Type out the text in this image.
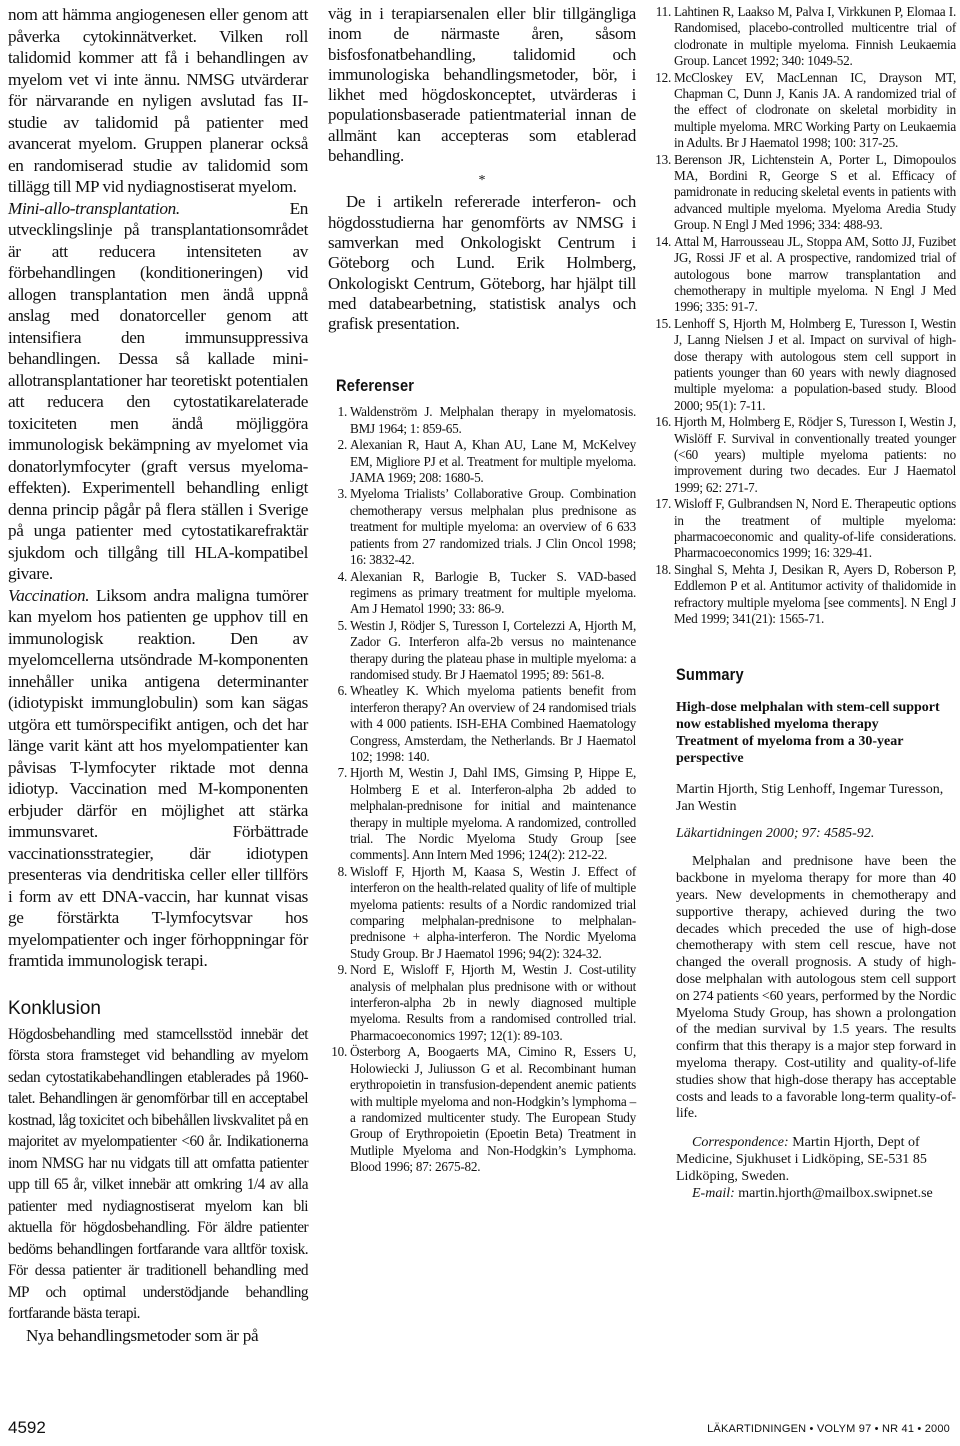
nom att hämma angiogenesen eller genom att påverka cytokinnätverket. Vilken roll talidomid kommer att få i behandlingen av myelom vet vi inte ännu. NMSG utvärderar för närvarande en nyligen avslutad fas II-studie av talidomid på patienter med avancerat myelom. Gruppen planerar också en randomiserad studie av talidomid som tillägg till MP vid nydiagnostiserat myelom.

Mini-allo-transplantation.	En utvecklingslinje på transplantationsområdet är att reducera intensiteten av förbehandlingen (konditioneringen) vid allogen transplantation men ändå uppnå anslag med donatorceller genom att intensifiera den immunsuppressiva behandlingen. Dessa så kallade mini-allotransplantationer har teoretiskt potentialen att reducera den cytostatikarelaterade toxiciteten men ändå möjliggöra immunologisk bekämpning av myelomet via donatorlymfocyter (graft versus myeloma-effekten). Experimentell behandling enligt denna princip pågår på flera ställen i Sverige på unga patienter med cytostatikarefraktär sjukdom och tillgång till HLA-kompatibel givare.

Vaccination. Liksom andra maligna tumörer kan myelom hos patienten ge upphov till en immunologisk reaktion. Den av myelomcellerna utsöndrade M-komponenten innehåller unika antigena determinanter (idiotypiskt immunglobulin) som kan sägas utgöra ett tumörspecifikt antigen, och det har länge varit känt att hos myelompatienter kan påvisas T-lymfocyter riktade mot denna idiotyp. Vaccination med M-komponenten erbjuder därför en möjlighet att stärka immunsvaret. Förbättrade vaccinationsstrategier, där idiotypen presenteras via dendritiska celler eller tillförs i form av ett DNA-vaccin, har kunnat visas ge förstärkta T-lymfocytsvar hos myelompatienter och inger förhoppningar för framtida immunologisk terapi.

Konklusion

Högdosbehandling med stamcellsstöd innebär det första stora framsteget vid behandling av myelom sedan cytostatikabehandlingen etablerades på 1960-talet. Behandlingen är genomförbar till en acceptabel kostnad, låg toxicitet och bibehållen livskvalitet på en majoritet av myelompatienter <60 år. Indikationerna inom NMSG har nu vidgats till att omfatta patienter upp till 65 år, vilket innebär att omkring 1/4 av alla patienter med nydiagnostiserat myelom kan bli aktuella för högdosbehandling. För äldre patienter bedöms behandlingen fortfarande vara alltför toxisk. För dessa patienter är traditionell behandling med MP och optimal understödjande behandling fortfarande bästa terapi.

Nya behandlingsmetoder som är på

väg in i terapiarsenalen eller blir tillgängliga inom de närmaste åren, såsom bisfosfonatbehandling, talidomid och immunologiska behandlingsmetoder, bör, i likhet med högdoskonceptet, utvärderas i populationsbaserade patientmaterial innan de allmänt kan accepteras som etablerad behandling.

*

De i artikeln refererade interferon- och högdosstudierna har genomförts av NMSG i samverkan med Onkologiskt Centrum i Göteborg och Lund. Erik Holmberg, Onkologiskt Centrum, Göteborg, har hjälpt till med databearbetning, statistisk analys och grafisk presentation.

Referenser
1. Waldenström J. Melphalan therapy in myelomatosis. BMJ 1964; 1: 859-65.
2. Alexanian R, Haut A, Khan AU, Lane M, McKelvey EM, Migliore PJ et al. Treatment for multiple myeloma. JAMA 1969; 208: 1680-5.
3. Myeloma Trialists’ Collaborative Group. Combination chemotherapy versus melphalan plus prednisone as treatment for multiple myeloma: an overview of 6 633 patients from 27 randomized trials. J Clin Oncol 1998; 16: 3832-42.
4. Alexanian R, Barlogie B, Tucker S. VAD-based regimens as primary treatment for multiple myeloma. Am J Hematol 1990; 33: 86-9.
5. Westin J, Rödjer S, Turesson I, Cortelezzi A, Hjorth M, Zador G. Interferon alfa-2b versus no maintenance therapy during the plateau phase in multiple myeloma: a randomised study. Br J Haematol 1995; 89: 561-8.
6. Wheatley K. Which myeloma patients benefit from interferon therapy? An overview of 24 randomised trials with 4 000 patients. ISH-EHA Combined Haematology Congress, Amsterdam, the Netherlands. Br J Haematol 102; 1998: 140.
7. Hjorth M, Westin J, Dahl IMS, Gimsing P, Hippe E, Holmberg E et al. Interferon-alpha 2b added to melphalan-prednisone for initial and maintenance therapy in multiple myeloma. A randomized, controlled trial. The Nordic Myeloma Study Group [see comments]. Ann Intern Med 1996; 124(2): 212-22.
8. Wisloff F, Hjorth M, Kaasa S, Westin J. Effect of interferon on the health-related quality of life of multiple myeloma patients: results of a Nordic randomized trial comparing melphalan-prednisone to melphalan-prednisone + alpha-interferon. The Nordic Myeloma Study Group. Br J Haematol 1996; 94(2): 324-32.
9. Nord E, Wisloff F, Hjorth M, Westin J. Cost-utility analysis of melphalan plus prednisone with or without interferon-alpha 2b in newly diagnosed multiple myeloma. Results from a randomised controlled trial. Pharmacoeconomics 1997; 12(1): 89-103.
10. Österborg A, Boogaerts MA, Cimino R, Essers U, Holowiecki J, Juliusson G et al. Recombinant human erythropoietin in transfusion-dependent anemic patients with multiple myeloma and non-Hodgkin’s lymphoma – a randomized multicenter study. The European Study Group of Erythropoietin (Epoetin Beta) Treatment in Mutliple Myeloma and Non-Hodgkin’s Lymphoma. Blood 1996; 87: 2675-82.
11. Lahtinen R, Laakso M, Palva I, Virkkunen P, Elomaa I. Randomised, placebo-controlled multicentre trial of clodronate in multiple myeloma. Finnish Leukaemia Group. Lancet 1992; 340: 1049-52.
12. McCloskey EV, MacLennan IC, Drayson MT, Chapman C, Dunn J, Kanis JA. A randomized trial of the effect of clodronate on skeletal morbidity in multiple myeloma. MRC Working Party on Leukaemia in Adults. Br J Haematol 1998; 100: 317-25.
13. Berenson JR, Lichtenstein A, Porter L, Dimopoulos MA, Bordini R, George S et al. Efficacy of pamidronate in reducing skeletal events in patients with advanced multiple myeloma. Myeloma Aredia Study Group. N Engl J Med 1996; 334: 488-93.
14. Attal M, Harrousseau JL, Stoppa AM, Sotto JJ, Fuzibet JG, Rossi JF et al. A prospective, randomized trial of autologous bone marrow transplantation and chemotherapy in multiple myeloma. N Engl J Med 1996; 335: 91-7.
15. Lenhoff S, Hjorth M, Holmberg E, Turesson I, Westin J, Lanng Nielsen J et al. Impact on survival of high-dose therapy with autologous stem cell support in patients younger than 60 years with newly diagnosed multiple myeloma: a population-based study. Blood 2000; 95(1): 7-11.
16. Hjorth M, Holmberg E, Rödjer S, Turesson I, Westin J, Wislöff F. Survival in conventionally treated younger (<60 years) multiple myeloma patients: no improvement during two decades. Eur J Haematol 1999; 62: 271-7.
17. Wisloff F, Gulbrandsen N, Nord E. Therapeutic options in the treatment of multiple myeloma: pharmacoeconomic and quality-of-life considerations. Pharmacoeconomics 1999; 16: 329-41.
18. Singhal S, Mehta J, Desikan R, Ayers D, Roberson P, Eddlemon P et al. Antitumor activity of thalidomide in refractory multiple myeloma [see comments]. N Engl J Med 1999; 341(21): 1565-71.
Summary
High-dose melphalan with stem-cell support now established myeloma therapy
Treatment of myeloma from a 30-year perspective
Martin Hjorth, Stig Lenhoff, Ingemar Turesson, Jan Westin
Läkartidningen 2000; 97: 4585-92.

Melphalan and prednisone have been the backbone in myeloma therapy for more than 40 years. New developments in chemotherapy and supportive therapy, achieved during the two decades which preceded the use of high-dose chemotherapy with stem cell rescue, have not changed the overall prognosis. A study of high-dose melphalan with autologous stem cell support on 274 patients <60 years, performed by the Nordic Myeloma Study Group, has shown a prolongation of the median survival by 1.5 years. The results confirm that this therapy is a major step forward in myeloma therapy. Cost-utility and quality-of-life studies show that high-dose therapy has acceptable costs and leads to a favorable long-term quality-of-life.

Correspondence: Martin Hjorth, Dept of Medicine, Sjukhuset i Lidköping, SE-531 85 Lidköping, Sweden.

E-mail: martin.hjorth@mailbox.swipnet.se

4592	LÄKARTIDNINGEN • VOLYM 97 • NR 41 • 2000
